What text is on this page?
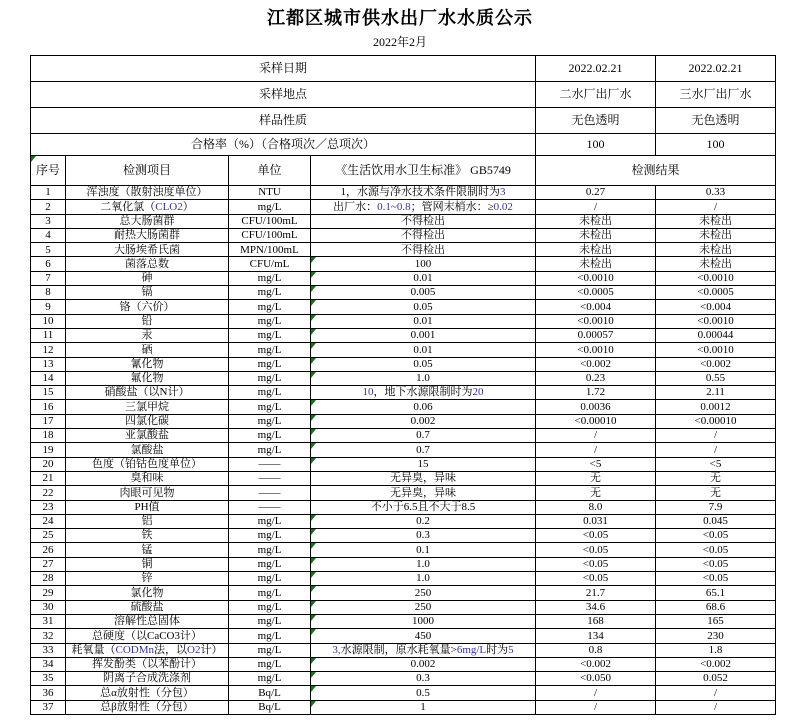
江都区城市供水出厂水水质公示
2022年2月
采样日期				2022.02.21	2022.02.21
采样地点				二水厂出厂水	三水厂出厂水
样品性质				无色透明	无色透明
合格率（%）（合格项次／总项次）				100	100
序号	检测项目	单位	《生活饮用水卫生标准》 GB5749	检测结果	
1	浑浊度（散射浊度单位）	NTU	1，水源与净水技术条件限制时为3	0.27	0.33
2	二氧化氯（CLO2）	mg/L	出厂水：0.1~0.8；管网末梢水：≥0.02	/	/
3	总大肠菌群	CFU/100mL	不得检出	未检出	未检出
4	耐热大肠菌群	CFU/100mL	不得检出	未检出	未检出
5	大肠埃希氏菌	MPN/100mL	不得检出	未检出	未检出
6	菌落总数	CFU/mL	100	未检出	未检出
7	砷	mg/L	0.01	<0.0010	<0.0010
8	镉	mg/L	0.005	<0.0005	<0.0005
9	铬（六价）	mg/L	0.05	<0.004	<0.004
10	铅	mg/L	0.01	<0.0010	<0.0010
11	汞	mg/L	0.001	0.00057	0.00044
12	硒	mg/L	0.01	<0.0010	<0.0010
13	氰化物	mg/L	0.05	<0.002	<0.002
14	氟化物	mg/L	1.0	0.23	0.55
15	硝酸盐（以N计）	mg/L	10，地下水源限制时为20	1.72	2.11
16	三氯甲烷	mg/L	0.06	0.0036	0.0012
17	四氯化碳	mg/L	0.002	<0.00010	<0.00010
18	亚氯酸盐	mg/L	0.7	/	/
19	氯酸盐	mg/L	0.7	/	/
20	色度（铂钴色度单位）	——	15	<5	<5
21	臭和味	——	无异臭，异味	无	无
22	肉眼可见物	——	无异臭，异味	无	无
23	PH值	——	不小于6.5且不大于8.5	8.0	7.9
24	铝	mg/L	0.2	0.031	0.045
25	铁	mg/L	0.3	<0.05	<0.05
26	锰	mg/L	0.1	<0.05	<0.05
27	铜	mg/L	1.0	<0.05	<0.05
28	锌	mg/L	1.0	<0.05	<0.05
29	氯化物	mg/L	250	21.7	65.1
30	硫酸盐	mg/L	250	34.6	68.6
31	溶解性总固体	mg/L	1000	168	165
32	总硬度（以CaCO3计）	mg/L	450	134	230
33	耗氧量（CODMn法，以O2计）	mg/L	3,水源限制，原水耗氧量>6mg/L时为5	0.8	1.8
34	挥发酚类（以苯酚计）	mg/L	0.002	<0.002	<0.002
35	阴离子合成洗涤剂	mg/L	0.3	<0.050	0.052
36	总α放射性（分包）	Bq/L	0.5	/	/
37	总β放射性（分包）	Bq/L	1	/	/
